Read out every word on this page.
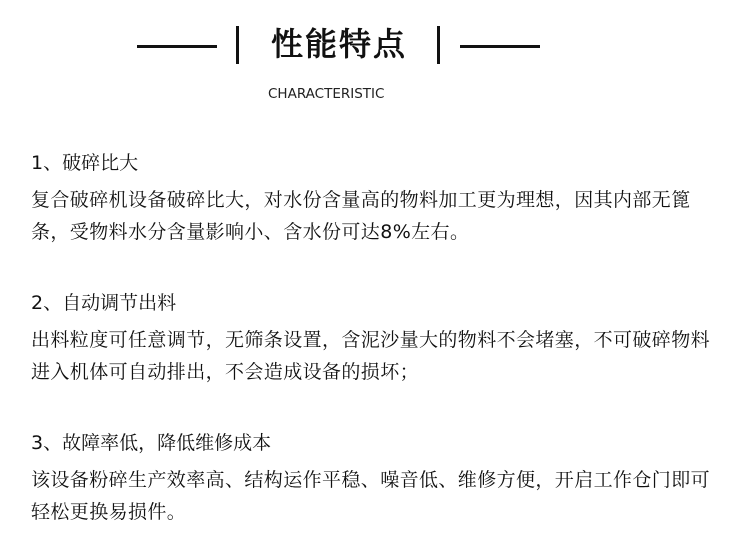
性能特点
CHARACTERISTIC
1、破碎比大

复合破碎机设备破碎比大，对水份含量高的物料加工更为理想，因其内部无篦条，受物料水分含量影响小、含水份可达8%左右。

2、自动调节出料

出料粒度可任意调节，无筛条设置，含泥沙量大的物料不会堵塞，不可破碎物料进入机体可自动排出，不会造成设备的损坏；

3、故障率低，降低维修成本

该设备粉碎生产效率高、结构运作平稳、噪音低、维修方便，开启工作仓门即可轻松更换易损件。
